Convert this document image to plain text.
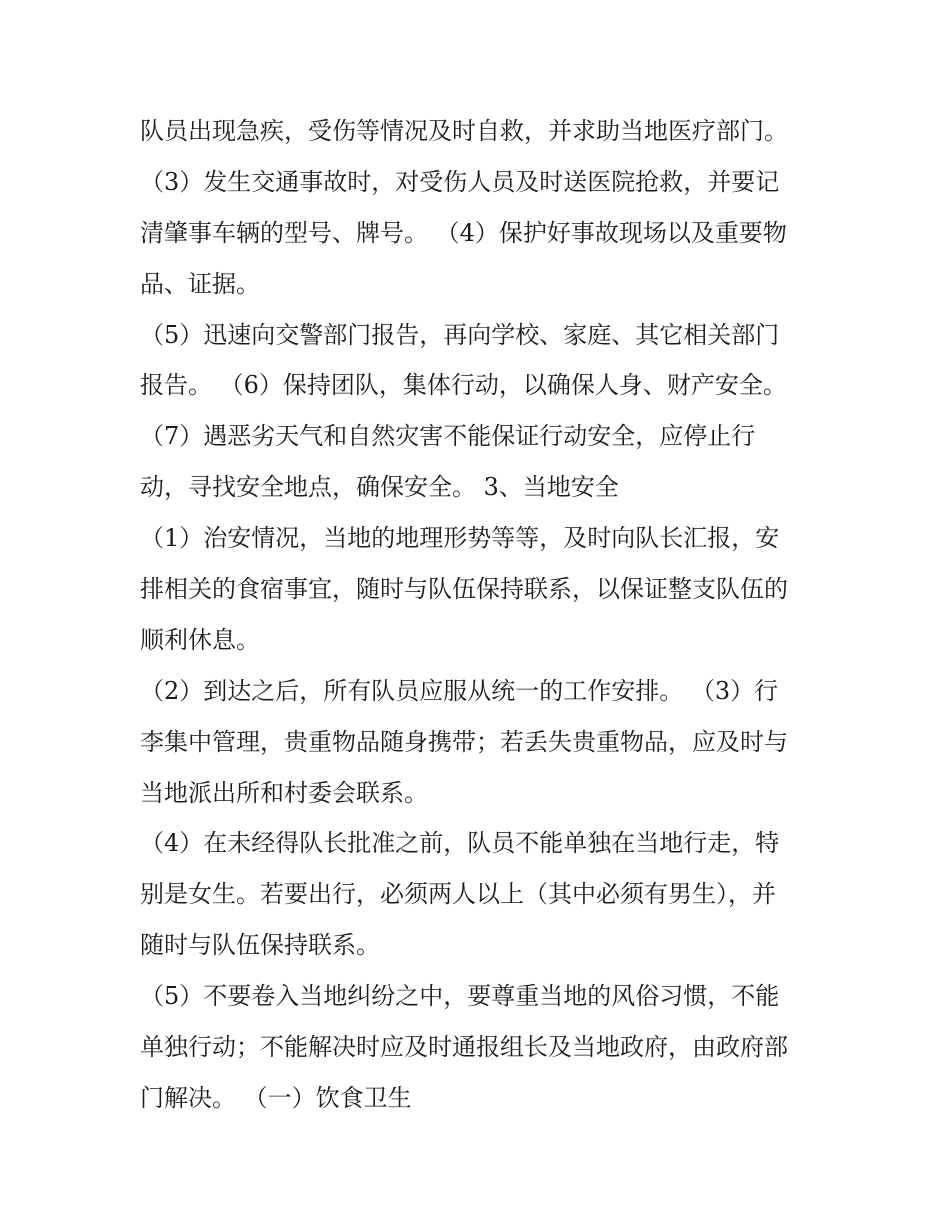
队员出现急疾，受伤等情况及时自救，并求助当地医疗部门。
（3）发生交通事故时，对受伤人员及时送医院抢救，并要记
清肇事车辆的型号、牌号。 （4）保护好事故现场以及重要物
品、证据。
（5）迅速向交警部门报告，再向学校、家庭、其它相关部门
报告。 （6）保持团队，集体行动，以确保人身、财产安全。
（7）遇恶劣天气和自然灾害不能保证行动安全，应停止行
动，寻找安全地点，确保安全。 3、当地安全
（1）治安情况，当地的地理形势等等，及时向队长汇报，安
排相关的食宿事宜，随时与队伍保持联系，以保证整支队伍的
顺利休息。
（2）到达之后，所有队员应服从统一的工作安排。 （3）行
李集中管理，贵重物品随身携带；若丢失贵重物品，应及时与
当地派出所和村委会联系。
（4）在未经得队长批准之前，队员不能单独在当地行走，特
别是女生。若要出行，必须两人以上（其中必须有男生），并
随时与队伍保持联系。
（5）不要卷入当地纠纷之中，要尊重当地的风俗习惯，不能
单独行动；不能解决时应及时通报组长及当地政府，由政府部
门解决。 （一）饮食卫生
